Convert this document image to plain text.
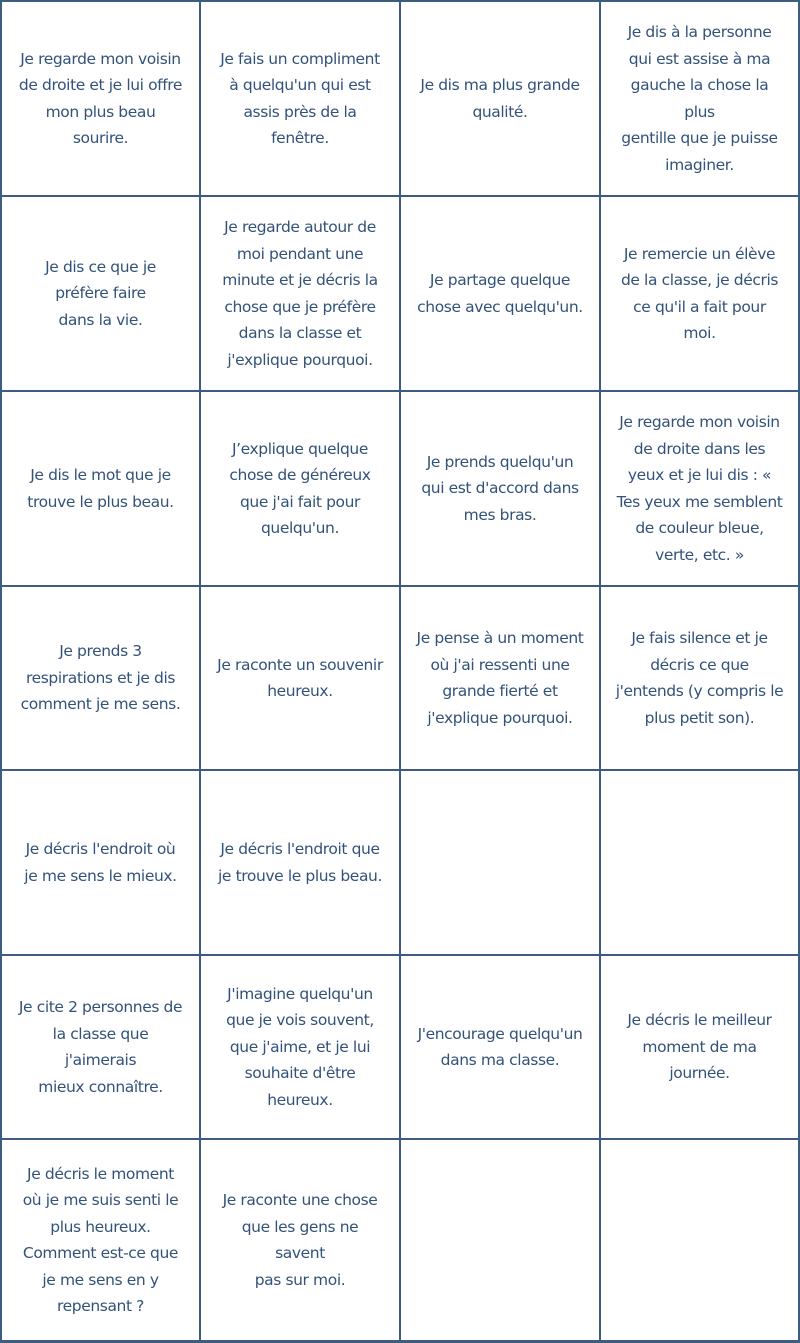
Je regarde mon voisin
de droite et je lui offre
mon plus beau sourire.
Je fais un compliment
à quelqu'un qui est
assis près de la
fenêtre.
Je dis ma plus grande
qualité.
Je dis à la personne
qui est assise à ma
gauche la chose la plus
gentille que je puisse
imaginer.
Je dis ce que je
préfère faire
dans la vie.
Je regarde autour de
moi pendant une
minute et je décris la
chose que je préfère
dans la classe et
j'explique pourquoi.
Je partage quelque
chose avec quelqu'un.
Je remercie un élève
de la classe, je décris
ce qu'il a fait pour
moi.
Je dis le mot que je
trouve le plus beau.
J’explique quelque
chose de généreux
que j'ai fait pour
quelqu'un.
Je prends quelqu'un
qui est d'accord dans
mes bras.
Je regarde mon voisin
de droite dans les
yeux et je lui dis : «
Tes yeux me semblent
de couleur bleue,
verte, etc. »
Je prends 3
respirations et je dis
comment je me sens.
Je raconte un souvenir
heureux.
Je pense à un moment
où j'ai ressenti une
grande fierté et
j'explique pourquoi.
Je fais silence et je
décris ce que
j'entends (y compris le
plus petit son).
Je décris l'endroit où
je me sens le mieux.
Je décris l'endroit que
je trouve le plus beau.
Je cite 2 personnes de
la classe que j'aimerais
mieux connaître.
J'imagine quelqu'un
que je vois souvent,
que j'aime, et je lui
souhaite d'être
heureux.
J'encourage quelqu'un
dans ma classe.
Je décris le meilleur
moment de ma
journée.
Je décris le moment
où je me suis senti le
plus heureux.
Comment est-ce que
je me sens en y
repensant ?
Je raconte une chose
que les gens ne savent
pas sur moi.
